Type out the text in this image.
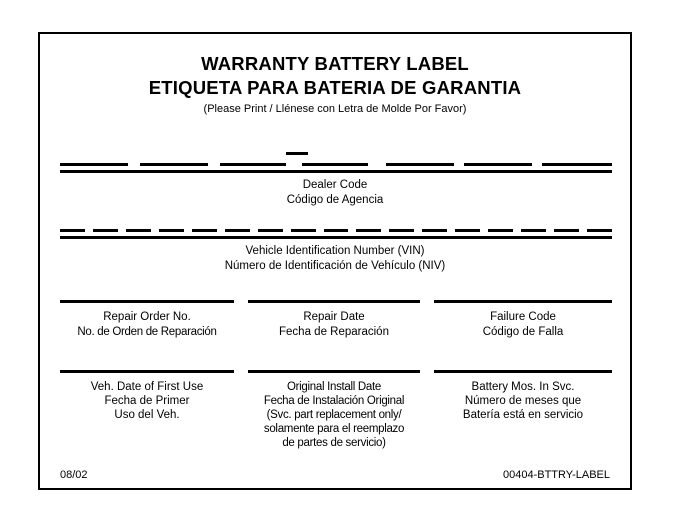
WARRANTY BATTERY LABEL
ETIQUETA PARA BATERIA DE GARANTIA
(Please Print / Llénese con Letra de Molde Por Favor)
Dealer Code
Código de Agencia
Vehicle Identification Number (VIN)
Número de Identificación de Vehículo (NIV)
Repair Order No.
No. de Orden de Reparación
Repair Date
Fecha de Reparación
Failure Code
Código de Falla
Veh. Date of First Use
Fecha de Primer
Uso del Veh.
Original Install Date
Fecha de Instalación Original
(Svc. part replacement only/
solamente para el reemplazo
de partes de servicio)
Battery Mos. In Svc.
Número de meses que
Batería está en servicio
08/02	00404-BTTRY-LABEL
